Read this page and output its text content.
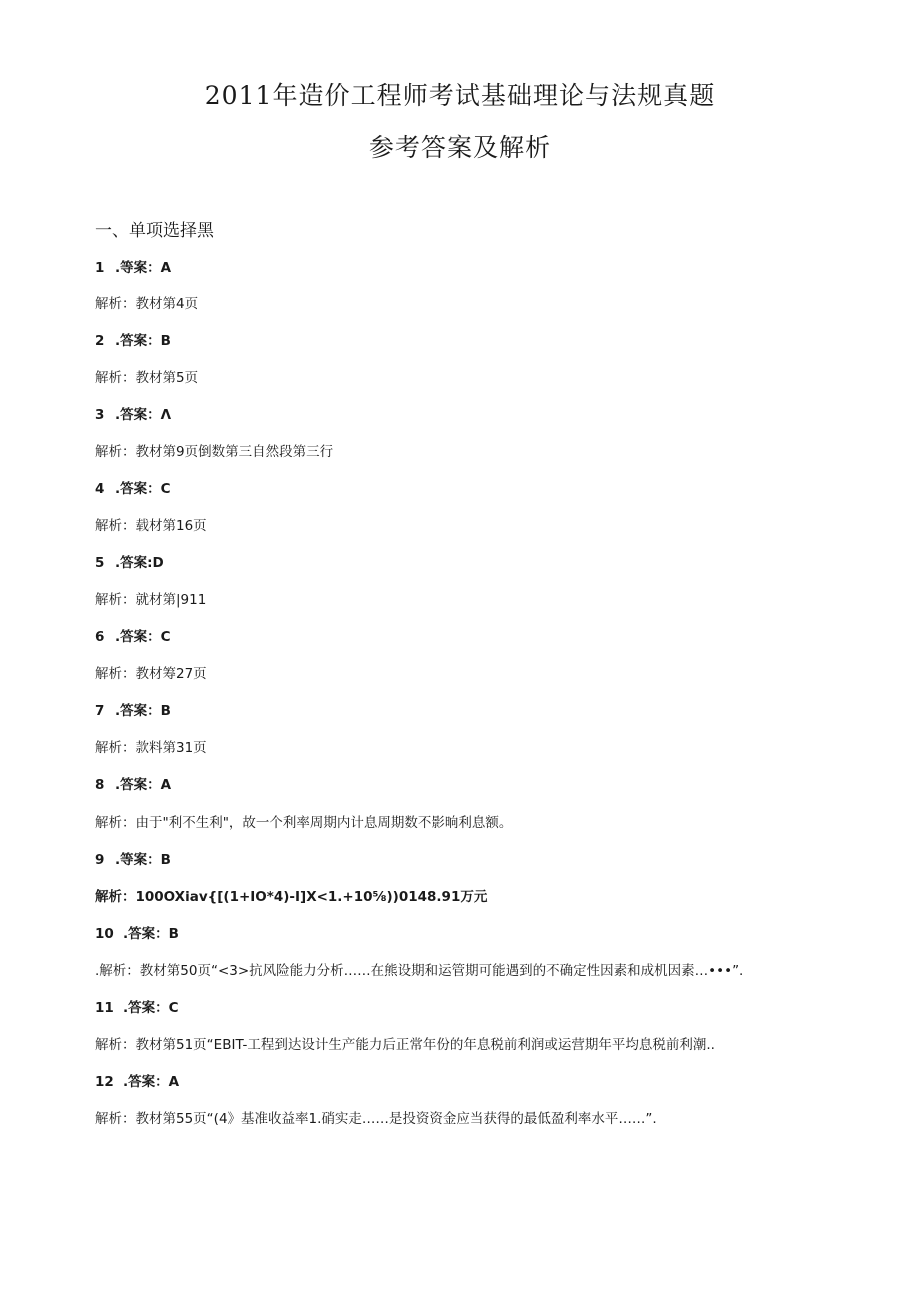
2011年造价工程师考试基础理论与法规真题
参考答案及解析
一、单项选择黑
1 .等案：A
解析：教材第4页
2 .答案：B
解析：教材第5页
3 .答案：Λ
解析：教材第9页倒数第三自然段第三行
4 .答案：C
解析：载材第16页
5 .答案:D
解析：就材第|911
6 .答案：C
解析：教材筹27页
7 .答案：B
解析：款料第31页
8 .答案：A
解析：由于"利不生利"，故一个利率周期内计息周期数不影晌利息额。
9 .等案：B
解析：100OXiav{[(1+IO*4)-I]X<1.+10⅝))0148.91万元
10 .答案：B
.解析：教材第50页“<3>抗风险能力分析……在熊设期和运管期可能遇到的不确定性因素和成机因素…•••”.
11 .答案：C
解析：教材第51页“EBIT-工程到达设计生产能力后正常年份的年息税前利润或运营期年平均息税前利潮..
12 .答案：A
解析：教材第55页“(4》基准收益率1.硝实走……是投资资金应当获得的最低盈利率水平……”.
